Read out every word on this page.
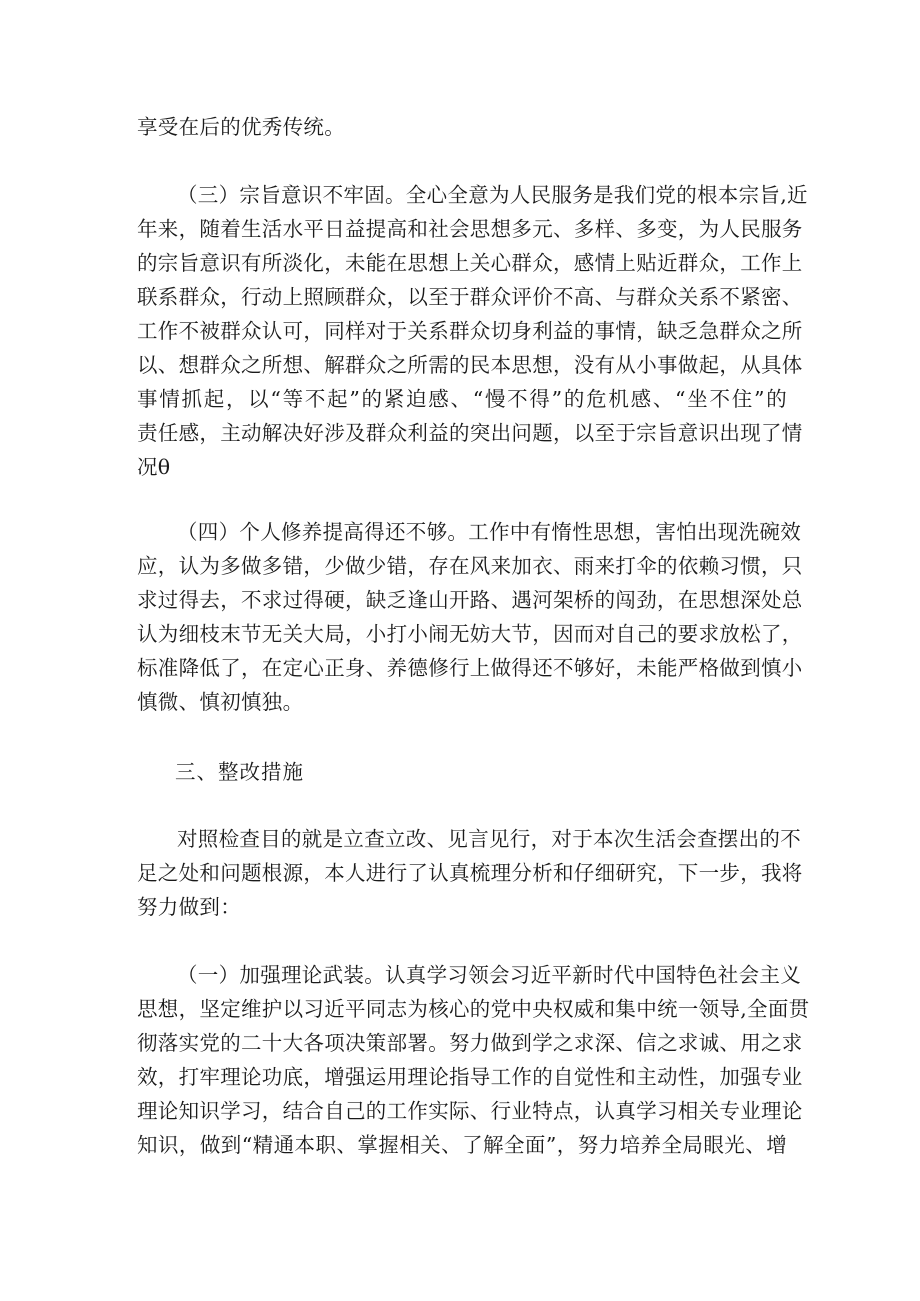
享受在后的优秀传统。
（三）宗旨意识不牢固。全心全意为人民服务是我们党的根本宗旨,近
年来，随着生活水平日益提高和社会思想多元、多样、多变，为人民服务
的宗旨意识有所淡化，未能在思想上关心群众，感情上贴近群众，工作上
联系群众，行动上照顾群众，以至于群众评价不高、与群众关系不紧密、
工作不被群众认可，同样对于关系群众切身利益的事情，缺乏急群众之所
以、想群众之所想、解群众之所需的民本思想，没有从小事做起，从具体
事情抓起，以“等不起”的紧迫感、“慢不得”的危机感、“坐不住”的
责任感，主动解决好涉及群众利益的突出问题，以至于宗旨意识出现了情
况θ
（四）个人修养提高得还不够。工作中有惰性思想，害怕出现洗碗效
应，认为多做多错，少做少错，存在风来加衣、雨来打伞的依赖习惯，只
求过得去，不求过得硬，缺乏逢山开路、遇河架桥的闯劲，在思想深处总
认为细枝末节无关大局，小打小闹无妨大节，因而对自己的要求放松了，
标准降低了，在定心正身、养德修行上做得还不够好，未能严格做到慎小
慎微、慎初慎独。
三、整改措施
对照检查目的就是立查立改、见言见行，对于本次生活会查摆出的不
足之处和问题根源，本人进行了认真梳理分析和仔细研究，下一步，我将
努力做到：
（一）加强理论武装。认真学习领会习近平新时代中国特色社会主义
思想，坚定维护以习近平同志为核心的党中央权威和集中统一领导,全面贯
彻落实党的二十大各项决策部署。努力做到学之求深、信之求诚、用之求
效，打牢理论功底，增强运用理论指导工作的自觉性和主动性，加强专业
理论知识学习，结合自己的工作实际、行业特点，认真学习相关专业理论
知识，做到“精通本职、掌握相关、了解全面”，努力培养全局眼光、增
